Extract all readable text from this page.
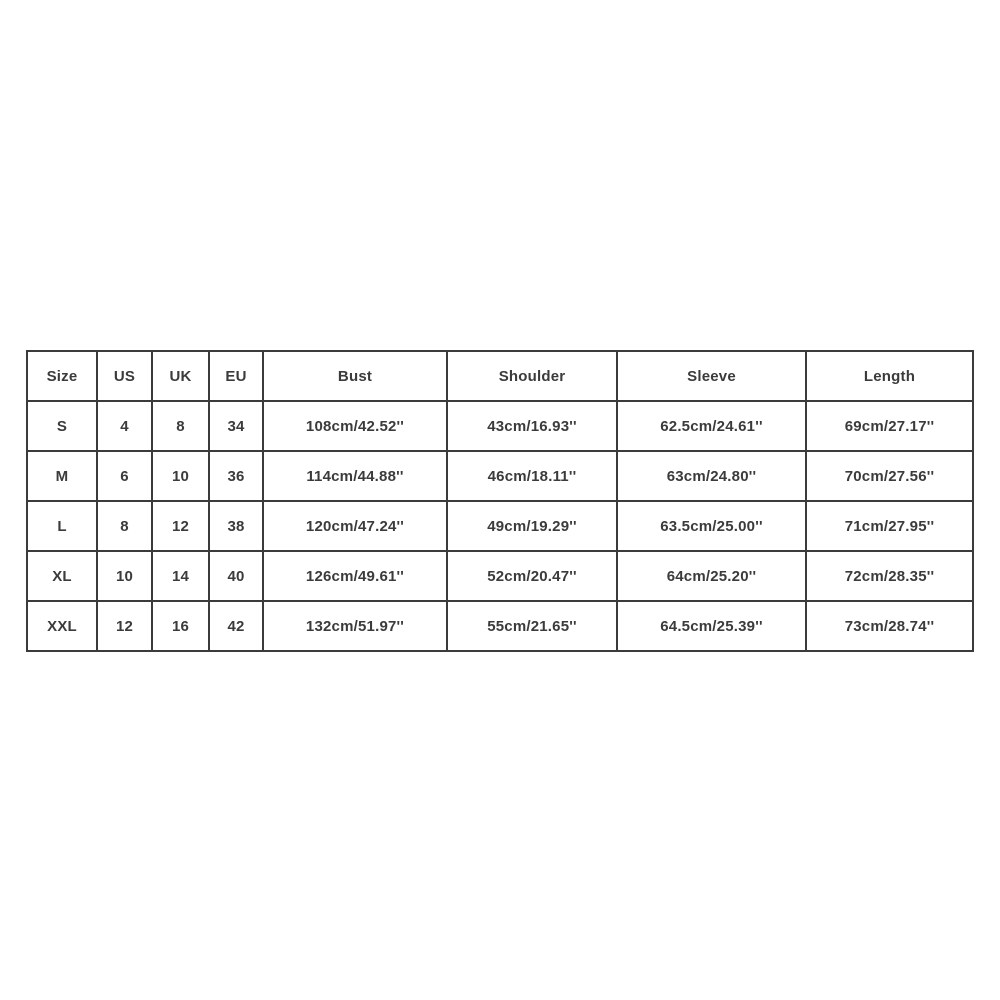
Size	US	UK	EU	Bust	Shoulder	Sleeve	Length
S	4	8	34	108cm/42.52''	43cm/16.93''	62.5cm/24.61''	69cm/27.17''
M	6	10	36	114cm/44.88''	46cm/18.11''	63cm/24.80''	70cm/27.56''
L	8	12	38	120cm/47.24''	49cm/19.29''	63.5cm/25.00''	71cm/27.95''
XL	10	14	40	126cm/49.61''	52cm/20.47''	64cm/25.20''	72cm/28.35''
XXL	12	16	42	132cm/51.97''	55cm/21.65''	64.5cm/25.39''	73cm/28.74''
